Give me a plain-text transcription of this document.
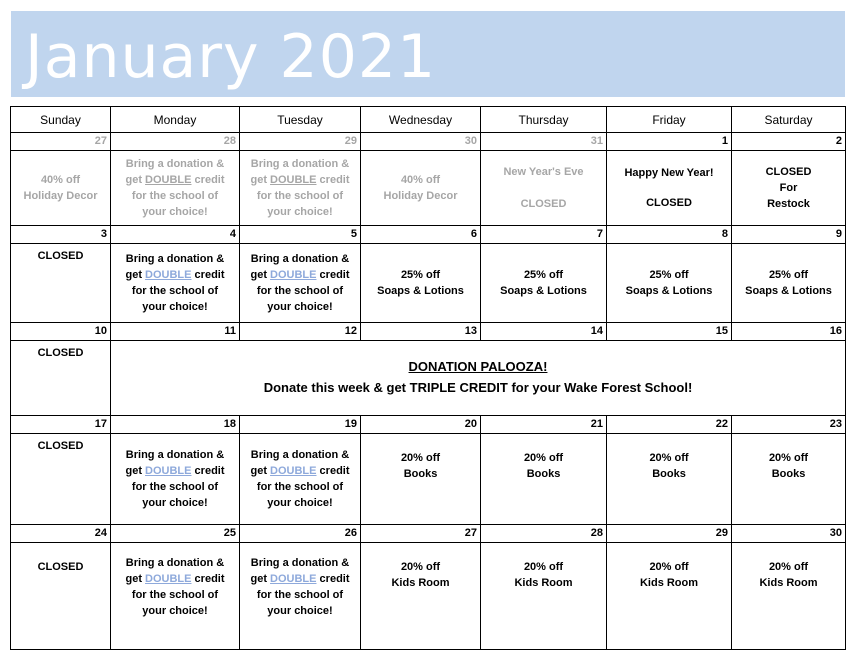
January 2021
Sunday	Monday	Tuesday	Wednesday	Thursday	Friday	Saturday
27	28	29	30	31	1	2

40% off
Holiday Decor	Bring a donation &
get DOUBLE credit
for the school of
your choice!	Bring a donation &
get DOUBLE credit
for the school of
your choice!	40% off
Holiday Decor	New Year's Eve
CLOSED	Happy New Year!
CLOSED	CLOSED
For
Restock

3	4	5	6	7	8	9

CLOSED	Bring a donation &
get DOUBLE credit
for the school of
your choice!	Bring a donation &
get DOUBLE credit
for the school of
your choice!	25% off
Soaps & Lotions	25% off
Soaps & Lotions	25% off
Soaps & Lotions	25% off
Soaps & Lotions

10	11	12	13	14	15	16

CLOSED	DONATION PALOOZA!
Donate this week & get TRIPLE CREDIT for your Wake Forest School!					

17	18	19	20	21	22	23

CLOSED	Bring a donation &
get DOUBLE credit
for the school of
your choice!	Bring a donation &
get DOUBLE credit
for the school of
your choice!	20% off
Books	20% off
Books	20% off
Books	20% off
Books

24	25	26	27	28	29	30

CLOSED	Bring a donation &
get DOUBLE credit
for the school of
your choice!	Bring a donation &
get DOUBLE credit
for the school of
your choice!	20% off
Kids Room	20% off
Kids Room	20% off
Kids Room	20% off
Kids Room
